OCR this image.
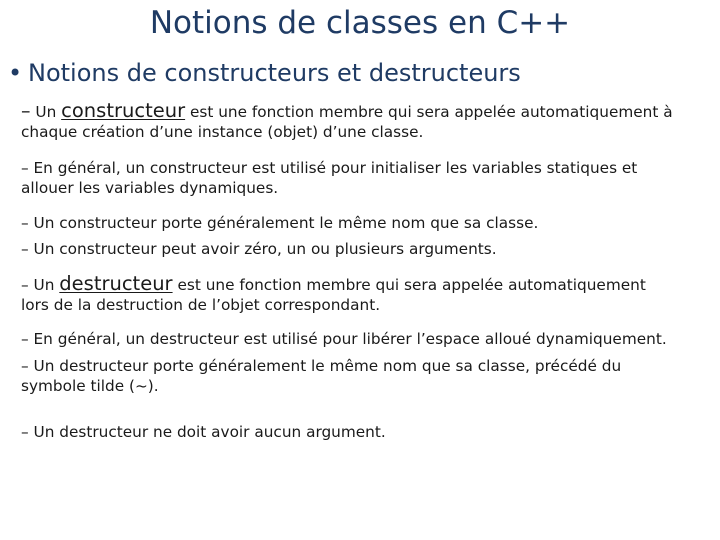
Notions de classes en C++
• Notions de constructeurs et destructeurs
– Un constructeur est une fonction membre qui sera appelée automatiquement à
chaque création d’une instance (objet) d’une classe.
– En général, un constructeur est utilisé pour initialiser les variables statiques et
allouer les variables dynamiques.
– Un constructeur porte généralement le même nom que sa classe.
– Un constructeur peut avoir zéro, un ou plusieurs arguments.
– Un destructeur est une fonction membre qui sera appelée automatiquement
lors de la destruction de l’objet correspondant.
– En général, un destructeur est utilisé pour libérer l’espace alloué dynamiquement.
– Un destructeur porte généralement le même nom que sa classe, précédé du
symbole tilde (~).
– Un destructeur ne doit avoir aucun argument.
